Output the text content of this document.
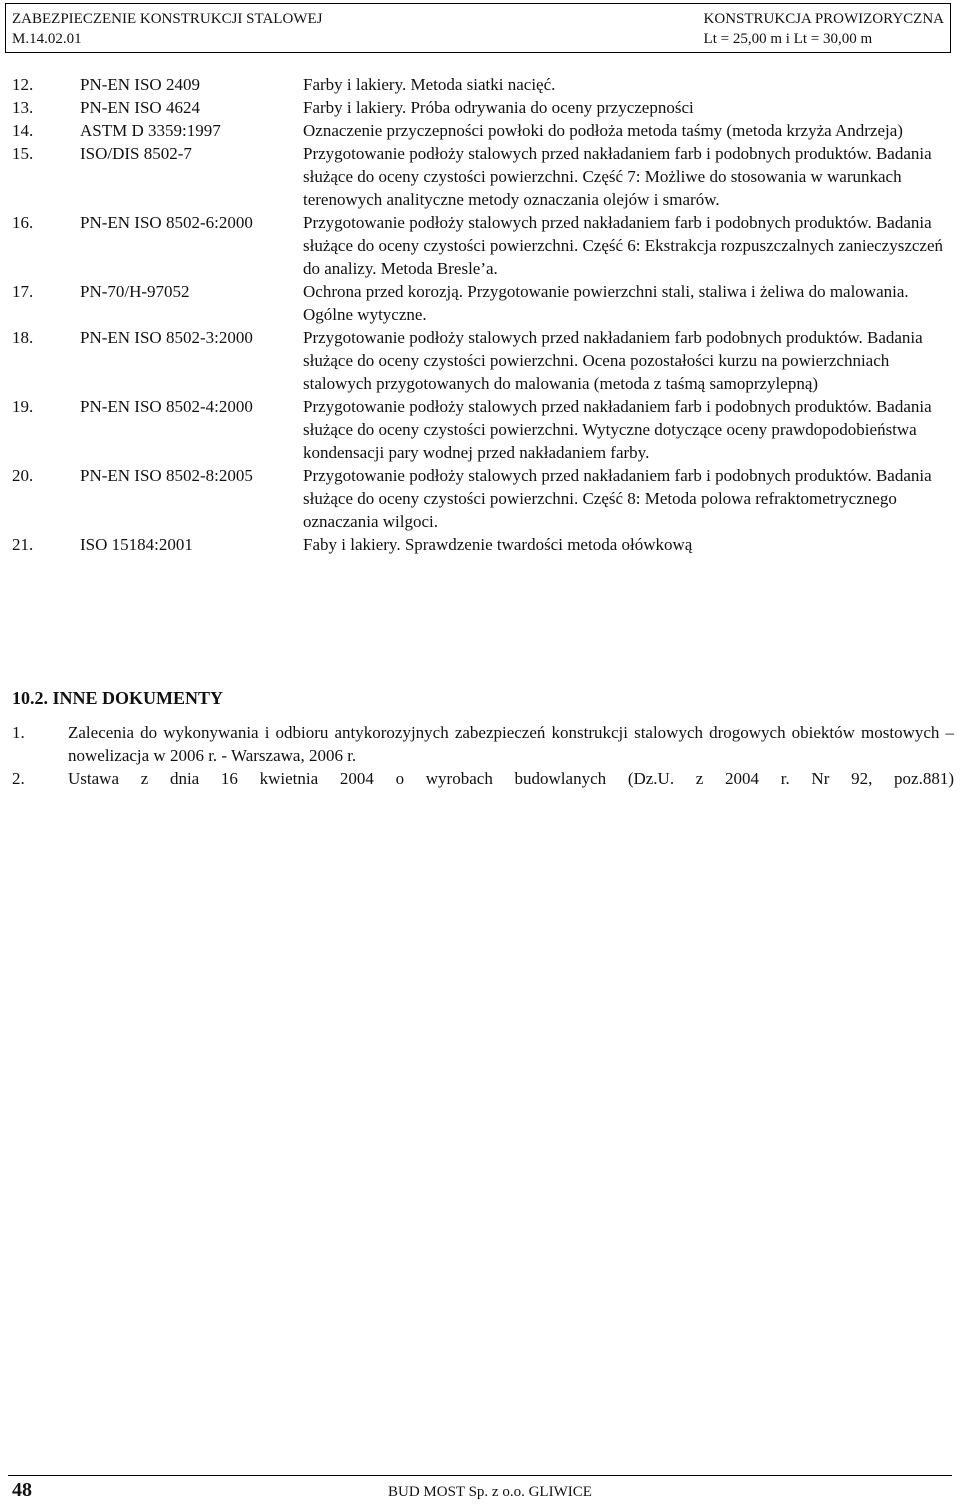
ZABEZPIECZENIE KONSTRUKCJI STALOWEJ
M.14.02.01
KONSTRUKCJA PROWIZORYCZNA
Lt = 25,00 m i Lt = 30,00 m
12.	PN-EN ISO 2409	Farby i lakiery. Metoda siatki nacięć.
13.	PN-EN ISO 4624	Farby i lakiery. Próba odrywania do oceny przyczepności
14.	ASTM D 3359:1997	Oznaczenie przyczepności powłoki do podłoża metoda taśmy (metoda krzyża Andrzeja)
15.	ISO/DIS 8502-7	Przygotowanie podłoży stalowych przed nakładaniem farb i podobnych produktów. Badania służące do oceny czystości powierzchni. Część 7: Możliwe do stosowania w warunkach terenowych analityczne metody oznaczania olejów i smarów.
16.	PN-EN ISO 8502-6:2000	Przygotowanie podłoży stalowych przed nakładaniem farb i podobnych produktów. Badania służące do oceny czystości powierzchni. Część 6: Ekstrakcja rozpuszczalnych zanieczyszczeń do analizy. Metoda Bresle’a.
17.	PN-70/H-97052	Ochrona przed korozją. Przygotowanie powierzchni stali, staliwa i żeliwa do malowania. Ogólne wytyczne.
18.	PN-EN ISO 8502-3:2000	Przygotowanie podłoży stalowych przed nakładaniem farb podobnych produktów. Badania służące do oceny czystości powierzchni. Ocena pozostałości kurzu na powierzchniach stalowych przygotowanych do malowania (metoda z taśmą samoprzylepną)
19.	PN-EN ISO 8502-4:2000	Przygotowanie podłoży stalowych przed nakładaniem farb i podobnych produktów. Badania służące do oceny czystości powierzchni. Wytyczne dotyczące oceny prawdopodobieństwa kondensacji pary wodnej przed nakładaniem farby.
20.	PN-EN ISO 8502-8:2005	Przygotowanie podłoży stalowych przed nakładaniem farb i podobnych produktów. Badania służące do oceny czystości powierzchni. Część 8: Metoda polowa refraktometrycznego oznaczania wilgoci.
21.	ISO 15184:2001	Faby i lakiery. Sprawdzenie twardości metoda ołówkową
10.2. INNE DOKUMENTY
1.	Zalecenia do wykonywania i odbioru antykorozyjnych zabezpieczeń konstrukcji stalowych drogowych obiektów mostowych – nowelizacja w 2006 r. - Warszawa, 2006 r.
2.	Ustawa z dnia 16 kwietnia 2004 o wyrobach budowlanych (Dz.U. z 2004 r. Nr 92, poz.881)
48	BUD MOST Sp. z o.o. GLIWICE
